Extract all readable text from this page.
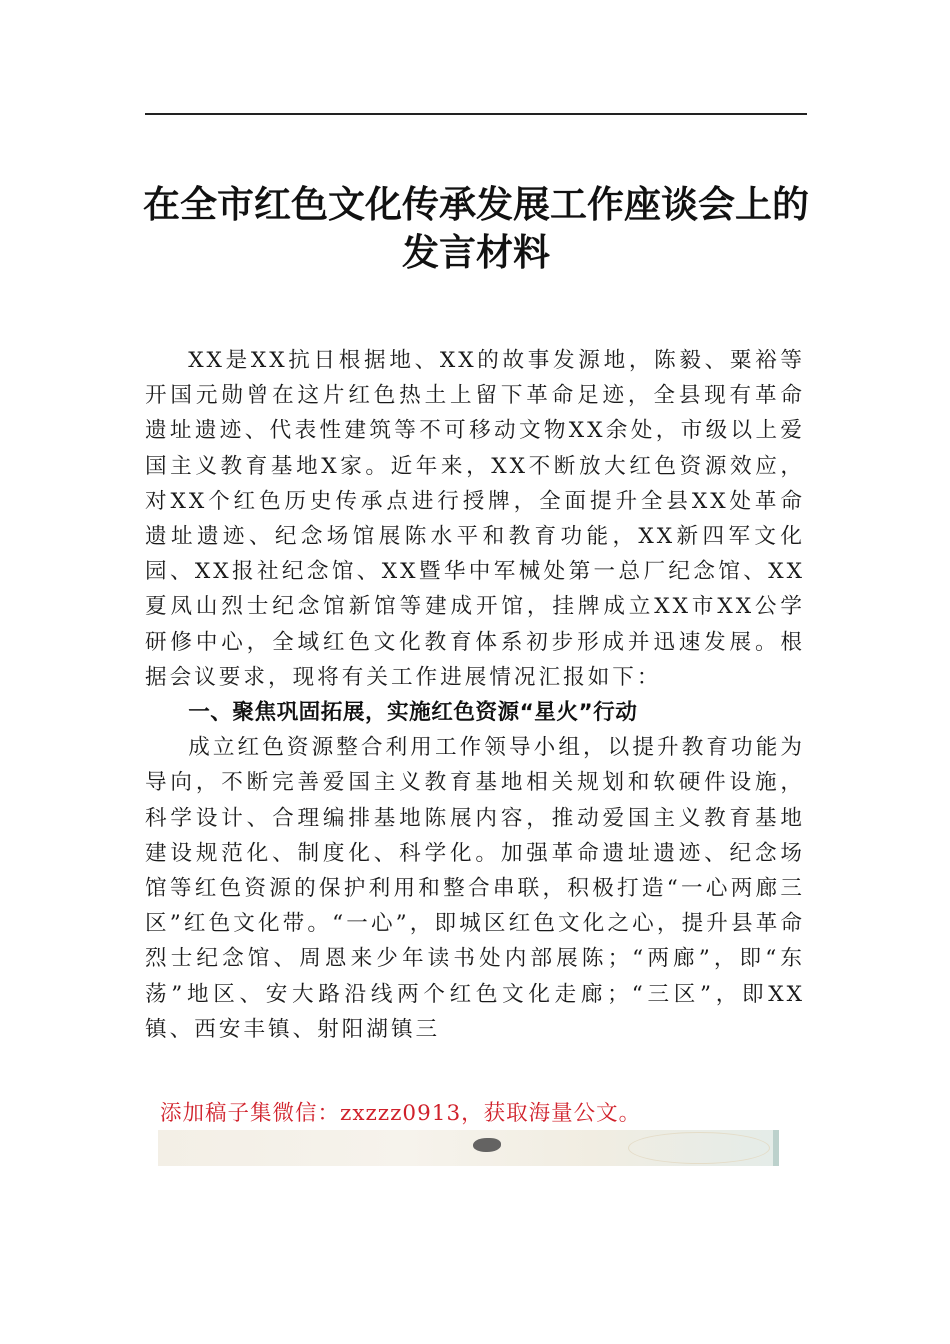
在全市红色文化传承发展工作座谈会上的
发言材料

XX是XX抗日根据地、XX的故事发源地，陈毅、粟裕等开国元勋曾在这片红色热土上留下革命足迹，全县现有革命遗址遗迹、代表性建筑等不可移动文物XX余处，市级以上爱国主义教育基地X家。近年来，XX不断放大红色资源效应，对XX个红色历史传承点进行授牌，全面提升全县XX处革命遗址遗迹、纪念场馆展陈水平和教育功能，XX新四军文化园、XX报社纪念馆、XX暨华中军械处第一总厂纪念馆、XX夏凤山烈士纪念馆新馆等建成开馆，挂牌成立XX市XX公学研修中心，全域红色文化教育体系初步形成并迅速发展。根据会议要求，现将有关工作进展情况汇报如下：

一、聚焦巩固拓展，实施红色资源“星火”行动

成立红色资源整合利用工作领导小组，以提升教育功能为导向，不断完善爱国主义教育基地相关规划和软硬件设施，科学设计、合理编排基地陈展内容，推动爱国主义教育基地建设规范化、制度化、科学化。加强革命遗址遗迹、纪念场馆等红色资源的保护利用和整合串联，积极打造“一心两廊三区”红色文化带。“一心”，即城区红色文化之心，提升县革命烈士纪念馆、周恩来少年读书处内部展陈；“两廊”，即“东荡”地区、安大路沿线两个红色文化走廊；“三区”，即XX镇、西安丰镇、射阳湖镇三

添加稿子集微信：zxzzz0913，获取海量公文。
